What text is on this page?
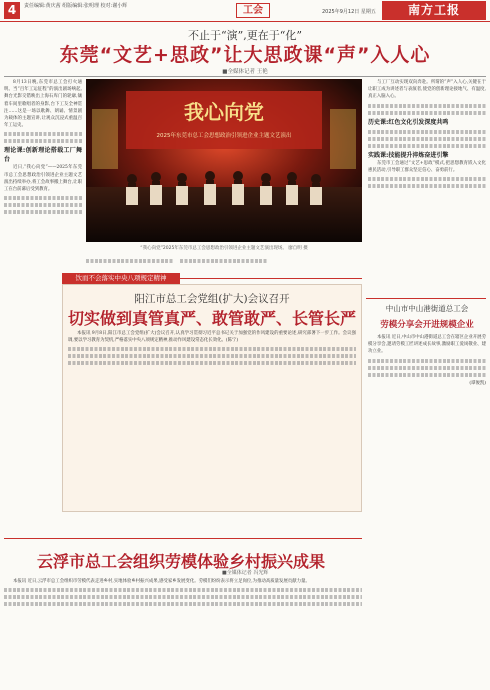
4	责任编辑:黄庆茜 组版编辑:张明理 校对:谢小辉	工会	2025年9月12日 星期五	南方工报
不止于“演”,更在于“化”
东莞“文艺+思政”让大思政课“声”入人心
■全媒体记者 王艳

8月13日晚,东莞市总工会打火通明。当“百年工运征程”的演出剧场响起,舞台光影交错映出上海石库门的轮廓,镶着车间里歌唱者的身影,台下工友全神贯注……这是一场以歌舞、朗诵、情景剧为载体的主题宣讲,让观众沉浸式重温百年工运史。

理论课:创新理论搭载工厂舞台

近日,“我心向党”——2025年东莞市总工会思想政治引领进企业主题文艺演出持续举办,将工会故事搬上舞台,让职工在台前幕后受到教育。

我心向党
2025年东莞市总工会思想政治引领进企业主题文艺演出
“我心向党”2025年东莞市总工会思想政治引领进企业主题文艺演出现场。 廖自明 摄

与工厂互动实现双向奔赴。所谓的“声”入人心,关键在于让职工成为讲述者与表演者,使党的创新理论接地气、有温度,真正入脑入心。

历史课:红色文化引发深度共鸣

实践课:技能提升淬炼奋进引擎

东莞市工会通过“文艺+思政”模式,把思想教育嵌入文化惠民活动,引导职工群众坚定信心、奋勇前行。

饮而不会落实中央八项规定精神
阳江市总工会党组(扩大)会议召开
切实做到真管真严、敢管敢严、长管长严

本报讯 9月8日,阳江市总工会党组(扩大)会议召开,认真学习贯彻习近平总书记关于加强党的作风建设的重要论述,研究部署下一步工作。会议强调,要以学习教育为契机,严格落实中央八项规定精神,推动作风建设常态化长效化。(陈宁)

云浮市总工会组织劳模体验乡村振兴成果
■全媒体记者 冯光辉

本报讯 近日,云浮市总工会组织市劳模代表走进乡村,实地体验乡村振兴成果,感受家乡发展变化。劳模们纷纷表示将立足岗位,为推动高质量发展贡献力量。

中山市中山港街道总工会
劳模分享会开进规模企业

本报讯 近日,中山市中山港街道总工会在辖区企业开展劳模分享会,邀请劳模工匠讲述成长故事,激励职工爱岗敬业、建功立业。

(谭俊凯)
